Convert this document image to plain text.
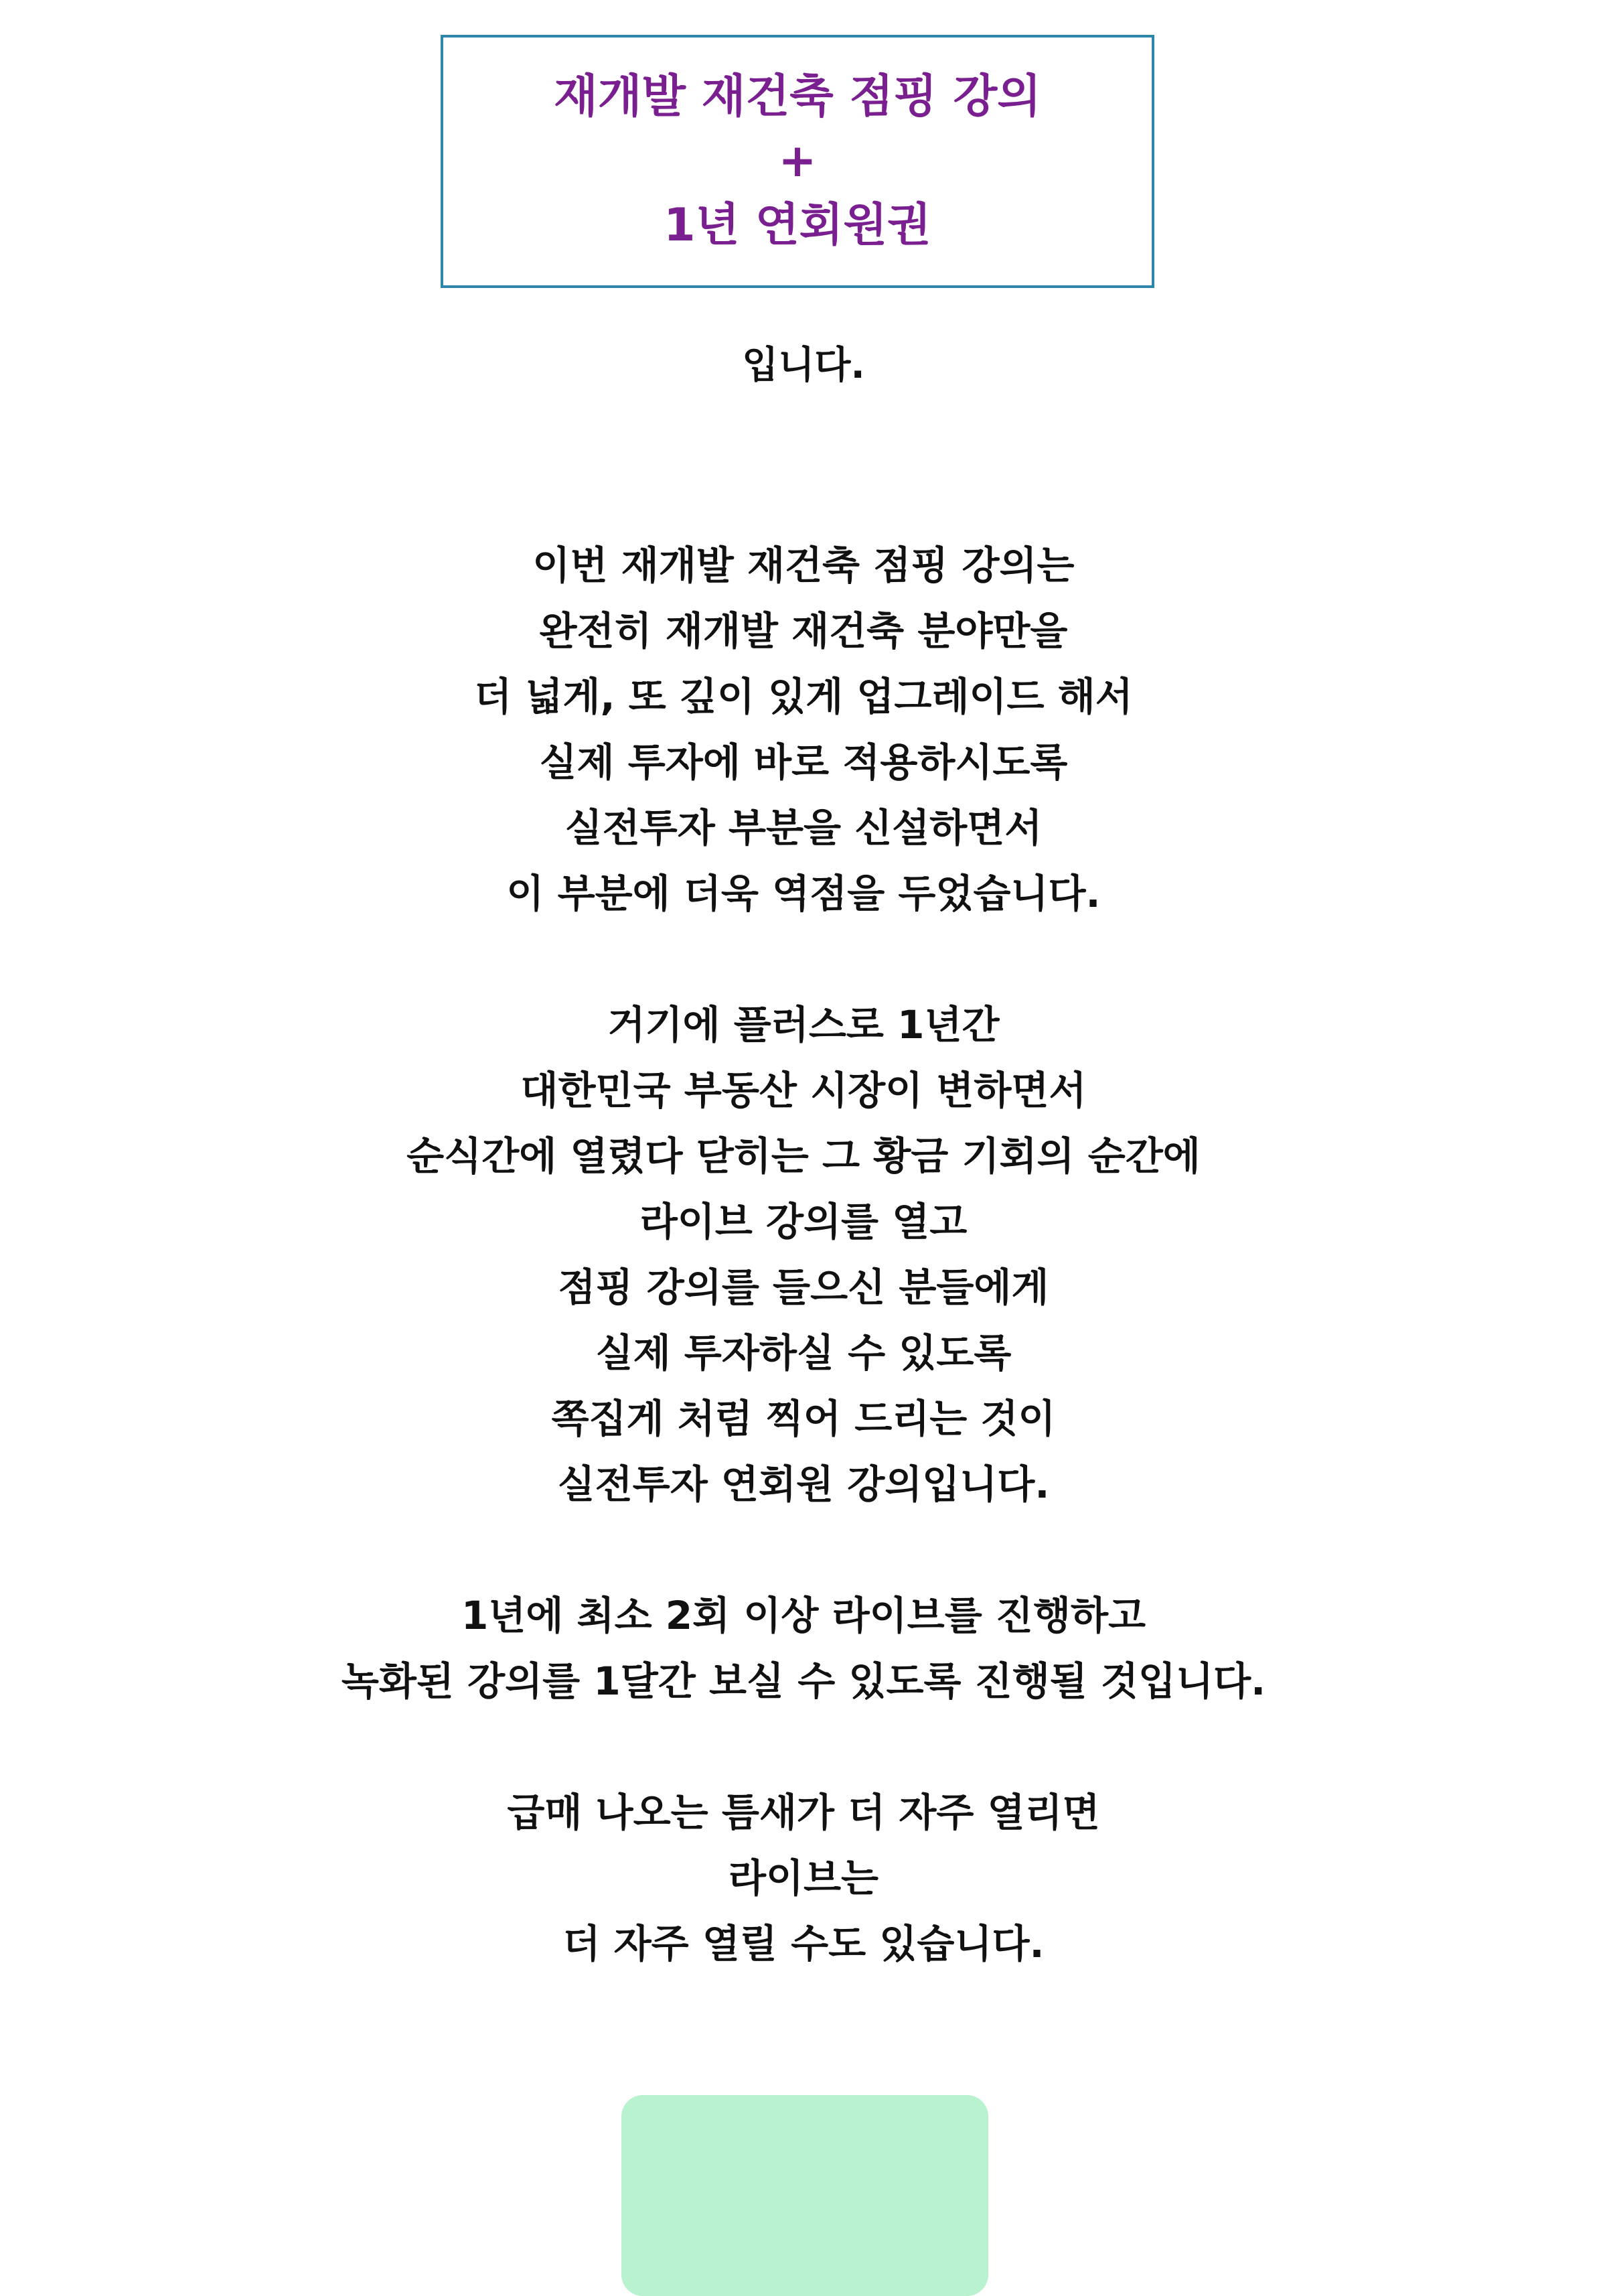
재개발 재건축 점핑 강의
+
1년 연회원권
입니다.
이번 재개발 재건축 점핑 강의는
완전히 재개발 재건축 분야만을
더 넓게, 또 깊이 있게 업그레이드 해서
실제 투자에 바로 적용하시도록
실전투자 부분을 신설하면서
이 부분에 더욱 역점을 두었습니다.
거기에 플러스로 1년간
대한민국 부동산 시장이 변하면서
순식간에 열렸다 닫히는 그 황금 기회의 순간에
라이브 강의를 열고
점핑 강의를 들으신 분들에게
실제 투자하실 수 있도록
쪽집게 처럼 찍어 드리는 것이
실전투자 연회원 강의입니다.
1년에 최소 2회 이상 라이브를 진행하고
녹화된 강의를 1달간 보실 수 있도록 진행될 것입니다.
급매 나오는 틈새가 더 자주 열리면
라이브는
더 자주 열릴 수도 있습니다.
